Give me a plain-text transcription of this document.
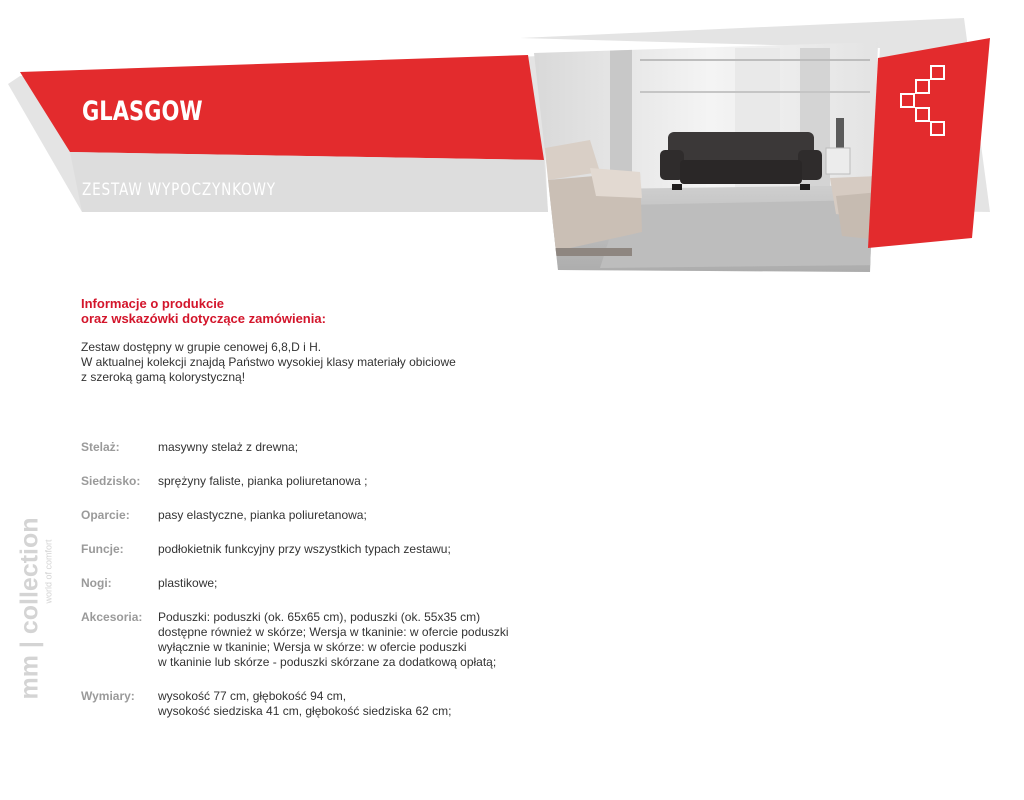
GLASGOW
ZESTAW WYPOCZYNKOWY
Informacje o produkcie
oraz wskazówki dotyczące zamówienia:
Zestaw dostępny w grupie cenowej 6,8,D i H.
W aktualnej kolekcji znajdą Państwo wysokiej klasy materiały obiciowe
z szeroką gamą kolorystyczną!
Stelaż:	masywny stelaż z drewna;
Siedzisko: sprężyny faliste, pianka poliuretanowa ;
Oparcie: pasy elastyczne, pianka poliuretanowa;
Funcje:	podłokietnik funkcyjny przy wszystkich typach zestawu;
Nogi:	plastikowe;
Akcesoria: Poduszki: poduszki (ok. 65x65 cm), poduszki (ok. 55x35 cm)
dostępne również w skórze; Wersja w tkaninie: w ofercie poduszki
wyłącznie w tkaninie; Wersja w skórze: w ofercie poduszki
w tkaninie lub skórze - poduszki skórzane za dodatkową opłatą;
Wymiary: wysokość 77 cm, głębokość 94 cm,
wysokość siedziska 41 cm, głębokość siedziska 62 cm;
mm | collection world of comfort
